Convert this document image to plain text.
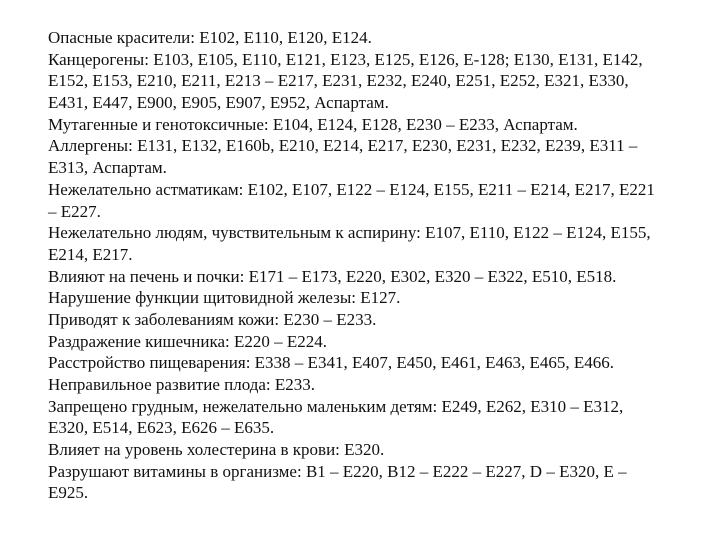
Опасные красители: E102, E110, E120, E124.
Канцерогены: E103, E105, E110, E121, E123, E125, E126, E-128; E130, E131, E142,
E152, E153, E210, E211, E213 – E217, E231, E232, E240, E251, E252, E321, E330,
E431, E447, E900, E905, E907, E952, Аспартам.
Мутагенные и генотоксичные: E104, E124, E128, E230 – E233, Аспартам.
Аллергены: E131, E132, E160b, E210, E214, E217, E230, E231, E232, E239, E311 –
E313, Аспартам.
Нежелательно астматикам: E102, E107, E122 – E124, E155, E211 – E214, E217, E221
– E227.
Нежелательно людям, чувствительным к аспирину: E107, E110, E122 – E124, E155,
E214, E217.
Влияют на печень и почки: E171 – E173, E220, E302, E320 – E322, E510, E518.
Нарушение функции щитовидной железы: E127.
Приводят к заболеваниям кожи: E230 – E233.
Раздражение кишечника: E220 – E224.
Расстройство пищеварения: E338 – E341, E407, E450, E461, E463, E465, E466.
Неправильное развитие плода: E233.
Запрещено грудным, нежелательно маленьким детям: E249, E262, E310 – E312,
E320, E514, E623, E626 – E635.
Влияет на уровень холестерина в крови: E320.
Разрушают витамины в организме: B1 – E220, B12 – E222 – E227, D – E320, E –
E925.
